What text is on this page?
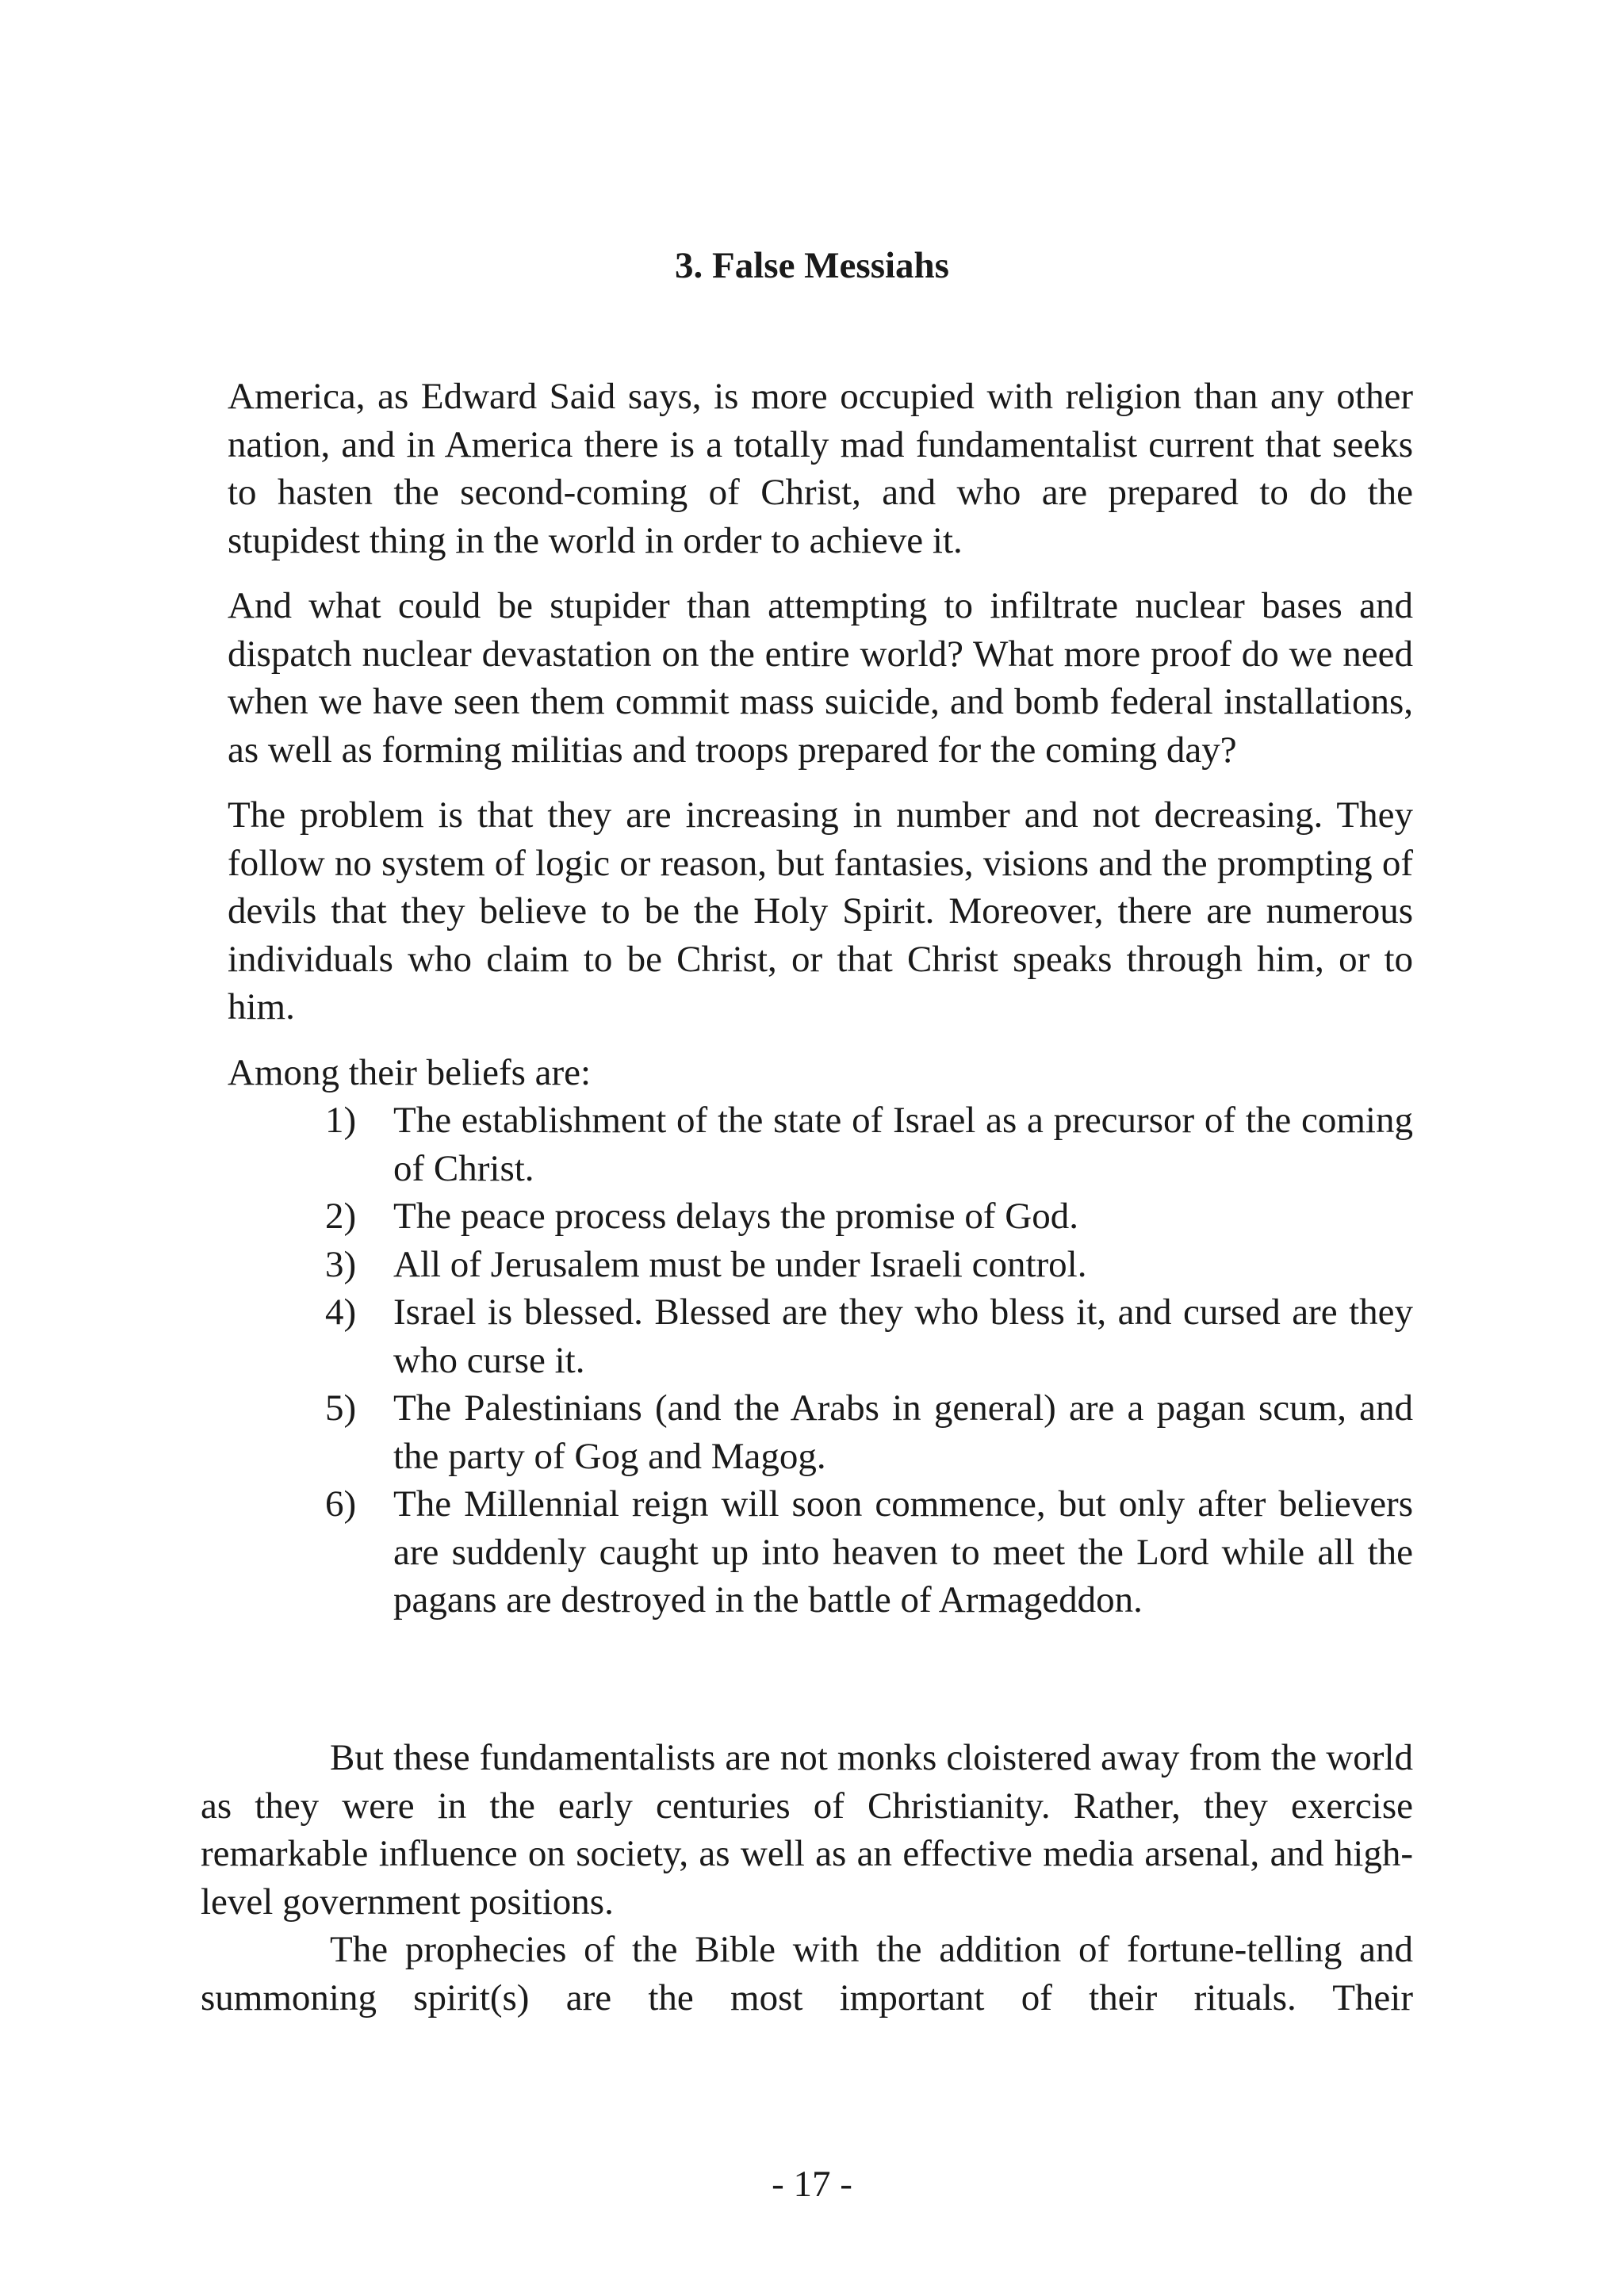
3. False Messiahs

America, as Edward Said says, is more occupied with religion than any other nation, and in America there is a totally mad fundamentalist current that seeks to hasten the second-coming of Christ, and who are prepared to do the stupidest thing in the world in order to achieve it.

And what could be stupider than attempting to infiltrate nuclear bases and dispatch nuclear devastation on the entire world? What more proof do we need when we have seen them commit mass suicide, and bomb federal installations, as well as forming militias and troops prepared for the coming day?

The problem is that they are increasing in number and not decreasing. They follow no system of logic or reason, but fantasies, visions and the prompting of devils that they believe to be the Holy Spirit. Moreover, there are numerous individuals who claim to be Christ, or that Christ speaks through him, or to him.

Among their beliefs are:

1) The establishment of the state of Israel as a precursor of the coming of Christ.
2) The peace process delays the promise of God.
3) All of Jerusalem must be under Israeli control.
4) Israel is blessed. Blessed are they who bless it, and cursed are they who curse it.
5) The Palestinians (and the Arabs in general) are a pagan scum, and the party of Gog and Magog.
6) The Millennial reign will soon commence, but only after believers are suddenly caught up into heaven to meet the Lord while all the pagans are destroyed in the battle of Armageddon.

But these fundamentalists are not monks cloistered away from the world as they were in the early centuries of Christianity. Rather, they exercise remarkable influence on society, as well as an effective media arsenal, and high-level government positions.

The prophecies of the Bible with the addition of fortune-telling and summoning spirit(s) are the most important of their rituals. Their

- 17 -
